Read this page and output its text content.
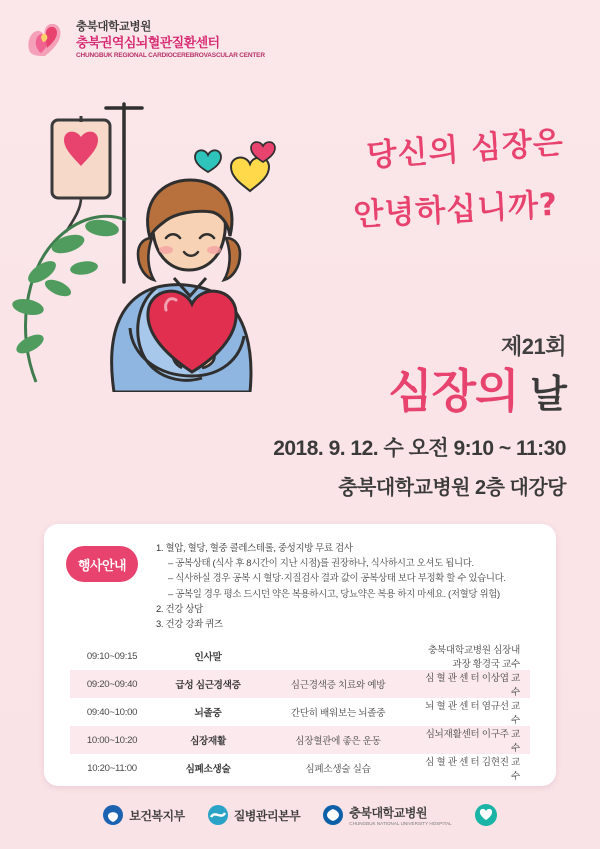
충북대학교병원
충북권역심뇌혈관질환센터
CHUNGBUK REGIONAL CARDIOCEREBROVASCULAR CENTER
당신의 심장은
안녕하십니까?
제21회
심장의 날
2018. 9. 12. 수 오전 9:10 ~ 11:30
충북대학교병원 2층 대강당
행사안내
1. 혈압, 혈당, 혈중 콜레스테롤, 중성지방 무료 검사
– 공복상태 (식사 후 8시간이 지난 시점)를 권장하나, 식사하시고 오셔도 됩니다.
– 식사하실 경우 공복 시 혈당·지질검사 결과 값이 공복상태 보다 부정확 할 수 있습니다.
– 공복일 경우 평소 드시던 약은 복용하시고, 당뇨약은 복용 하지 마세요. (저혈당 위험)
2. 건강 상담
3. 건강 강좌 퀴즈
09:10~09:15	인사말		충북대학교병원 심장내과장 황경국 교수
09:20~09:40	급성 심근경색증	심근경색증 치료와 예방	심 혈 관 센 터 이상엽 교수
09:40~10:00	뇌졸중	간단히 배워보는 뇌졸중	뇌 혈 관 센 터 염규선 교수
10:00~10:20	심장재활	심장혈관에 좋은 운동	심뇌재활센터 이구주 교수
10:20~11:00	심폐소생술	심폐소생술 실습	심 혈 관 센 터 김현진 교수
보건복지부	질병관리본부	충북대학교병원
CHUNGBUK NATIONAL UNIVERSITY HOSPITAL
